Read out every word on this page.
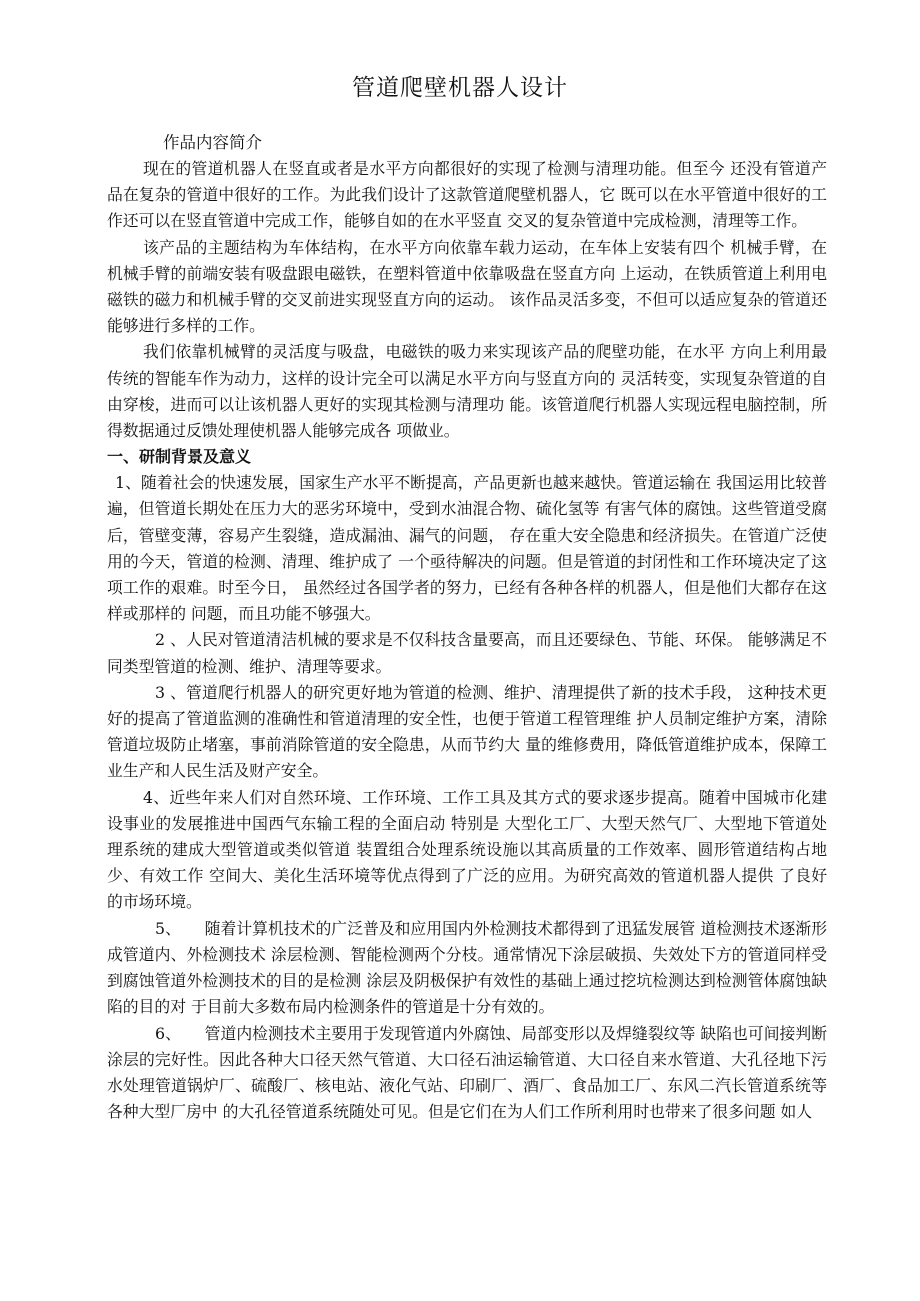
管道爬壁机器人设计
作品内容简介

现在的管道机器人在竖直或者是水平方向都很好的实现了检测与清理功能。但至今 还没有管道产品在复杂的管道中很好的工作。为此我们设计了这款管道爬壁机器人，它 既可以在水平管道中很好的工作还可以在竖直管道中完成工作，能够自如的在水平竖直 交叉的复杂管道中完成检测，清理等工作。

该产品的主题结构为车体结构，在水平方向依靠车载力运动，在车体上安装有四个 机械手臂，在机械手臂的前端安装有吸盘跟电磁铁，在塑料管道中依靠吸盘在竖直方向 上运动，在铁质管道上利用电磁铁的磁力和机械手臂的交叉前进实现竖直方向的运动。 该作品灵活多变，不但可以适应复杂的管道还能够进行多样的工作。

我们依靠机械臂的灵活度与吸盘，电磁铁的吸力来实现该产品的爬壁功能，在水平 方向上利用最传统的智能车作为动力，这样的设计完全可以满足水平方向与竖直方向的 灵活转变，实现复杂管道的自由穿梭，进而可以让该机器人更好的实现其检测与清理功 能。该管道爬行机器人实现远程电脑控制，所得数据通过反馈处理使机器人能够完成各 项做业。

一、研制背景及意义

1、随着社会的快速发展，国家生产水平不断提高，产品更新也越来越快。管道运输在 我国运用比较普遍，但管道长期处在压力大的恶劣环境中，受到水油混合物、硫化氢等 有害气体的腐蚀。这些管道受腐后，管壁变薄，容易产生裂缝，造成漏油、漏气的问题， 存在重大安全隐患和经济损失。在管道广泛使用的今天，管道的检测、清理、维护成了 一个亟待解决的问题。但是管道的封闭性和工作环境决定了这项工作的艰难。时至今日， 虽然经过各国学者的努力，已经有各种各样的机器人，但是他们大都存在这样或那样的 问题，而且功能不够强大。

2 、人民对管道清洁机械的要求是不仅科技含量要高，而且还要绿色、节能、环保。 能够满足不同类型管道的检测、维护、清理等要求。

3 、管道爬行机器人的研究更好地为管道的检测、维护、清理提供了新的技术手段， 这种技术更好的提高了管道监测的准确性和管道清理的安全性，也便于管道工程管理维 护人员制定维护方案，清除管道垃圾防止堵塞，事前消除管道的安全隐患，从而节约大 量的维修费用，降低管道维护成本，保障工业生产和人民生活及财产安全。

4、近些年来人们对自然环境、工作环境、工作工具及其方式的要求逐步提高。随着中国城市化建设事业的发展推进中国西气东输工程的全面启动 特别是 大型化工厂、大型天然气厂、大型地下管道处理系统的建成大型管道或类似管道 装置组合处理系统设施以其高质量的工作效率、圆形管道结构占地少、有效工作 空间大、美化生活环境等优点得到了广泛的应用。为研究高效的管道机器人提供 了良好的市场环境。

5、　　随着计算机技术的广泛普及和应用国内外检测技术都得到了迅猛发展管 道检测技术逐渐形成管道内、外检测技术 涂层检测、智能检测两个分枝。通常情况下涂层破损、失效处下方的管道同样受到腐蚀管道外检测技术的目的是检测 涂层及阴极保护有效性的基础上通过挖坑检测达到检测管体腐蚀缺陷的目的对 于目前大多数布局内检测条件的管道是十分有效的。

6、　　管道内检测技术主要用于发现管道内外腐蚀、局部变形以及焊缝裂纹等 缺陷也可间接判断涂层的完好性。因此各种大口径天然气管道、大口径石油运输管道、大口径自来水管道、大孔径地下污水处理管道锅炉厂、硫酸厂、核电站、液化气站、印刷厂、酒厂、食品加工厂、东风二汽长管道系统等各种大型厂房中 的大孔径管道系统随处可见。但是它们在为人们工作所利用时也带来了很多问题 如人
